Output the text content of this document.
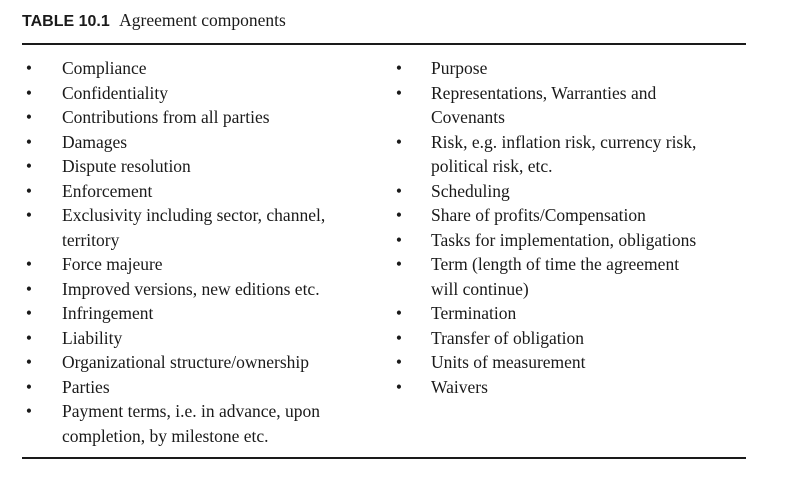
TABLE 10.1 Agreement components
• Compliance
• Confidentiality
• Contributions from all parties
• Damages
• Dispute resolution
• Enforcement
• Exclusivity including sector, channel,
territory
• Force majeure
• Improved versions, new editions etc.
• Infringement
• Liability
• Organizational structure/ownership
• Parties
• Payment terms, i.e. in advance, upon
completion, by milestone etc.
• Purpose
• Representations, Warranties and
Covenants
• Risk, e.g. inflation risk, currency risk,
political risk, etc.
• Scheduling
• Share of profits/Compensation
• Tasks for implementation, obligations
• Term (length of time the agreement
will continue)
• Termination
• Transfer of obligation
• Units of measurement
• Waivers
